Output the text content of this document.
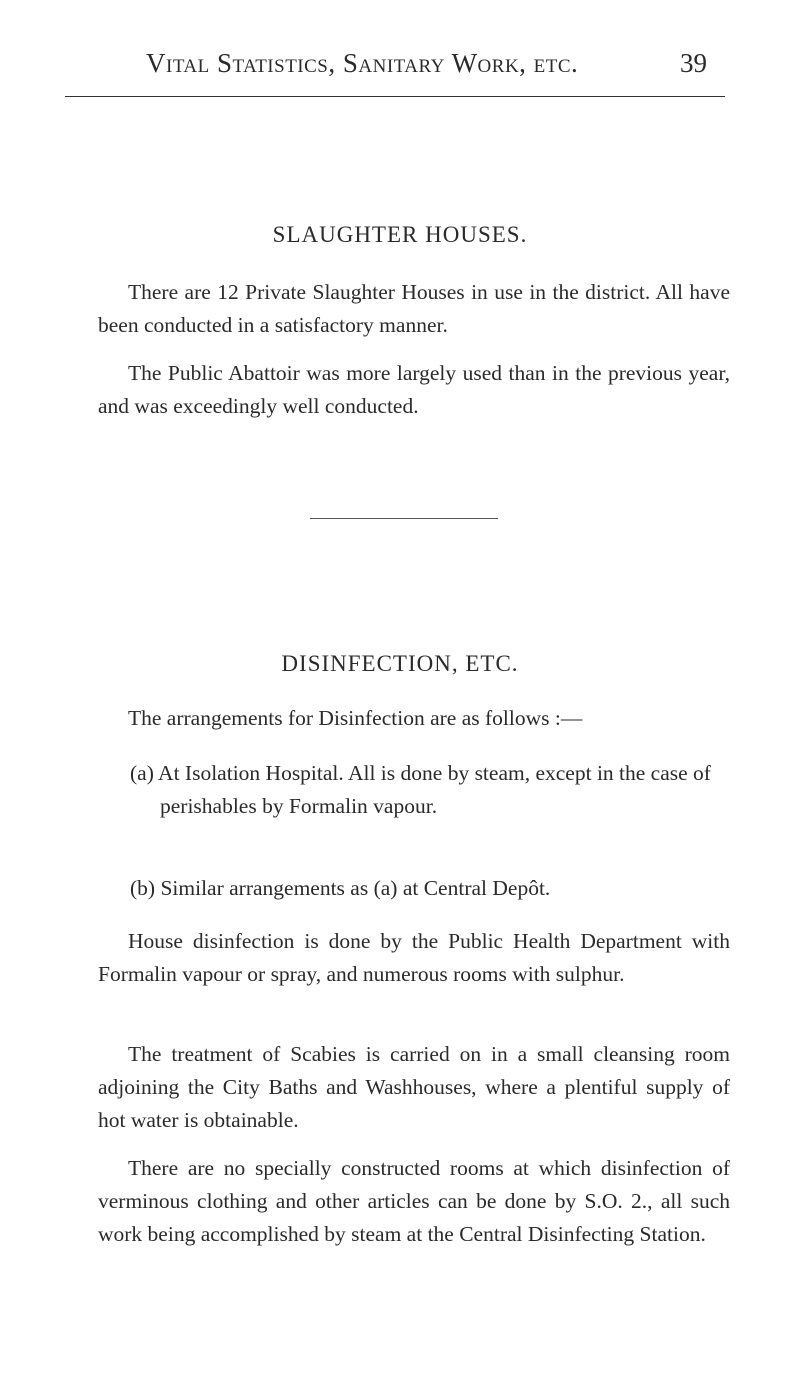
Vital Statistics, Sanitary Work, etc.	39
SLAUGHTER HOUSES.

There are 12 Private Slaughter Houses in use in the district. All have been conducted in a satisfactory manner.

The Public Abattoir was more largely used than in the previous year, and was exceedingly well conducted.

DISINFECTION, ETC.

The arrangements for Disinfection are as follows :—

(a) At Isolation Hospital. All is done by steam, except in the case of perishables by Formalin vapour.

(b) Similar arrangements as (a) at Central Depôt.

House disinfection is done by the Public Health Department with Formalin vapour or spray, and numerous rooms with sulphur.

The treatment of Scabies is carried on in a small cleansing room adjoining the City Baths and Washhouses, where a plentiful supply of hot water is obtainable.

There are no specially constructed rooms at which disinfection of verminous clothing and other articles can be done by S.O. 2., all such work being accomplished by steam at the Central Disinfecting Station.
